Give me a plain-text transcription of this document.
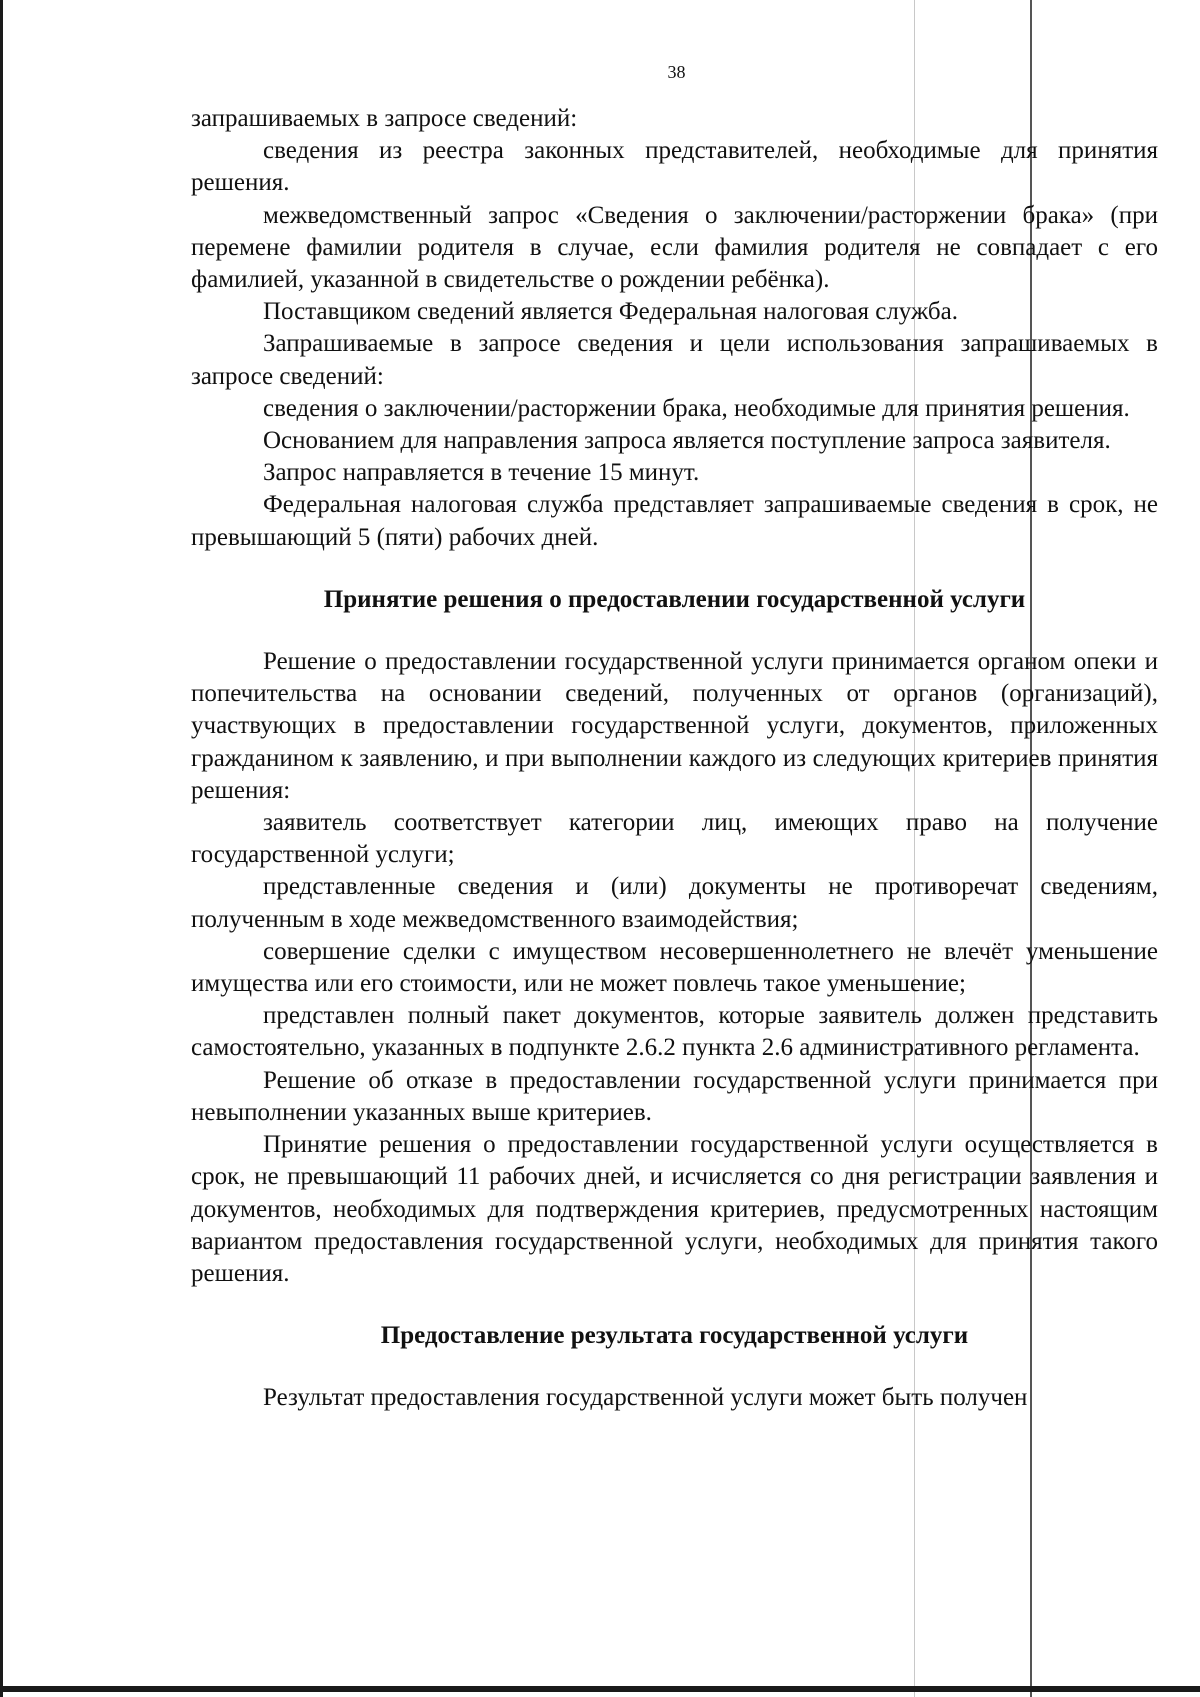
38

запрашиваемых в запросе сведений:

сведения из реестра законных представителей, необходимые для принятия решения.

межведомственный запрос «Сведения о заключении/расторжении брака» (при перемене фамилии родителя в случае, если фамилия родителя не совпадает с его фамилией, указанной в свидетельстве о рождении ребёнка).

Поставщиком сведений является Федеральная налоговая служба.

Запрашиваемые в запросе сведения и цели использования запрашиваемых в запросе сведений:

сведения о заключении/расторжении брака, необходимые для принятия решения.

Основанием для направления запроса является поступление запроса заявителя.

Запрос направляется в течение 15 минут.

Федеральная налоговая служба представляет запрашиваемые сведения в срок, не превышающий 5 (пяти) рабочих дней.

Принятие решения о предоставлении государственной услуги

Решение о предоставлении государственной услуги принимается органом опеки и попечительства на основании сведений, полученных от органов (организаций), участвующих в предоставлении государственной услуги, документов, приложенных гражданином к заявлению, и при выполнении каждого из следующих критериев принятия решения:

заявитель соответствует категории лиц, имеющих право на получение государственной услуги;

представленные сведения и (или) документы не противоречат сведениям, полученным в ходе межведомственного взаимодействия;

совершение сделки с имуществом несовершеннолетнего не влечёт уменьшение имущества или его стоимости, или не может повлечь такое уменьшение;

представлен полный пакет документов, которые заявитель должен представить самостоятельно, указанных в подпункте 2.6.2 пункта 2.6 административного регламента.

Решение об отказе в предоставлении государственной услуги принимается при невыполнении указанных выше критериев.

Принятие решения о предоставлении государственной услуги осуществляется в срок, не превышающий 11 рабочих дней, и исчисляется со дня регистрации заявления и документов, необходимых для подтверждения критериев, предусмотренных настоящим вариантом предоставления государственной услуги, необходимых для принятия такого решения.

Предоставление результата государственной услуги

Результат предоставления государственной услуги может быть получен
